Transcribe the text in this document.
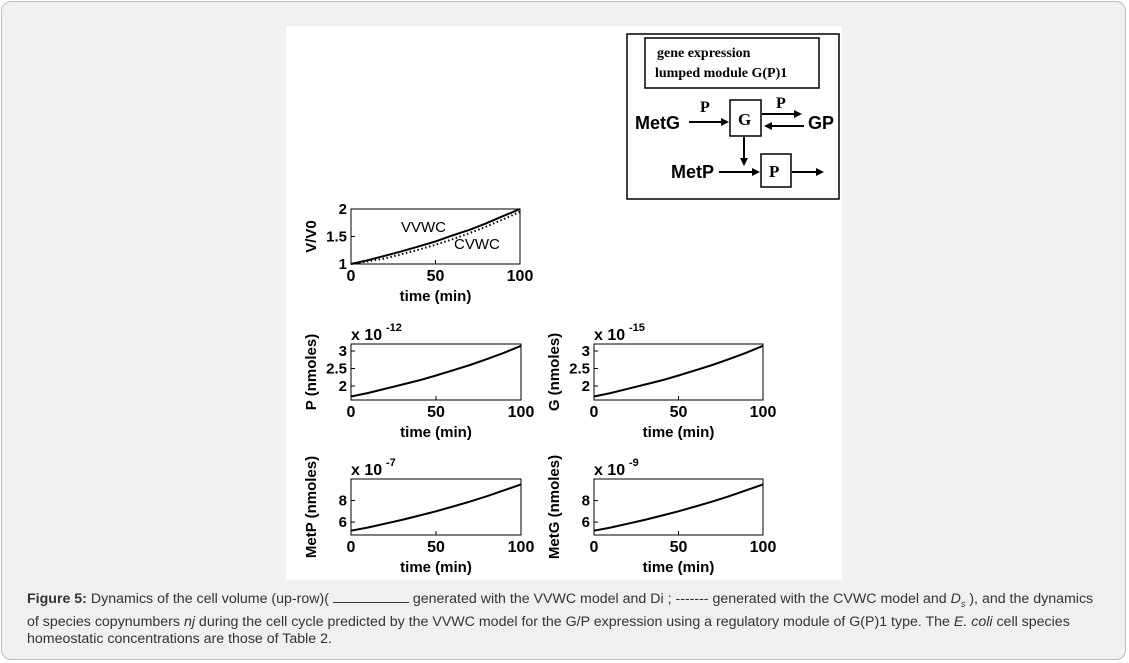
gene expression
lumped module G(P)1
MetG
P
G
P
GP
MetP	P
0	50	100
1
1.5
2
time (min)
V/V0	VVWC
CVWC
0	50	100
2
2.5
3
time (min)
P (nmoles) x 10 -12
0	50	100
2
2.5
3
time (min)
G (nmoles) x 10 -15
0	50	100
6
8
time (min)
MetP (nmoles) x 10 -7
0	50	100
6
8
time (min)
MetG (nmoles) x 10 -9
Figure 5: Dynamics of the cell volume (up-row)(	generated with the VVWC model and Di ; ------- generated with the CVWC model and $D_s$ ), and the dynamics of species copynumbers nj during the cell cycle predicted by the VVWC model for the G/P expression using a regulatory module of G(P)1 type. The E. coli cell species homeostatic concentrations are those of Table 2.
